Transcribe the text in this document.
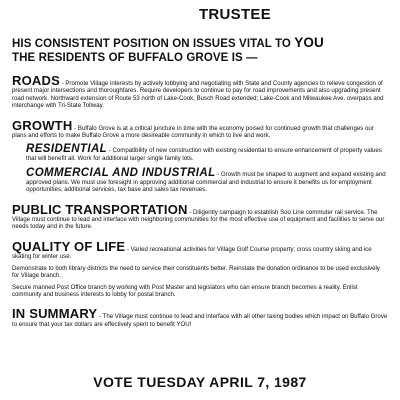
TRUSTEE
HIS CONSISTENT POSITION ON ISSUES VITAL TO YOU
THE RESIDENTS OF BUFFALO GROVE IS —
ROADS - Promote Village interests by actively lobbying and negotiating with State and County agencies to relieve congestion of present major intersections and thoroughfares. Require developers to continue to pay for road improvements and also upgrading present road network. Northward extension of Route 53 north of Lake-Cook, Busch Road extended; Lake-Cook and Milwaukee Ave. overpass and interchange with Tri-State Tollway.
GROWTH - Buffalo Grove is at a critical juncture in time with the economy poised for continued growth that challenges our plans and efforts to make Buffalo Grove a more desireable community in which to live and work.
RESIDENTIAL - Compatibility of new construction with existing residential to ensure enhancement of property values that will benefit all. Work for additional larger single family lots.
COMMERCIAL AND INDUSTRIAL - Growth must be shaped to augment and expand existing and approved plans. We must use foresight in approving additional commercial and industrial to ensure it benefits us for employment opportunities, additional services, tax base and sales tax revenues.
PUBLIC TRANSPORTATION - Diligently campaign to establish Soo Line commuter rail service. The Village must continue to lead and interface with neighboring communities for the most effective use of equipment and facilities to serve our needs today and in the future.
QUALITY OF LIFE - Varied recreational activities for Village Golf Course property; cross country skiing and ice skating for winter use.
Demonstrate to both library districts the need to service their constituents better. Reinstate the donation ordinance to be used exclusively for Village branch.
Secure manned Post Office branch by working with Post Master and legislators who can ensure branch becomes a reality. Enlist community and business interests to lobby for postal branch.
IN SUMMARY - The Village must continue to lead and interface with all other taxing bodies which impact on Buffalo Grove to ensure that your tax dollars are effectively spent to benefit YOU!
VOTE TUESDAY APRIL 7, 1987
